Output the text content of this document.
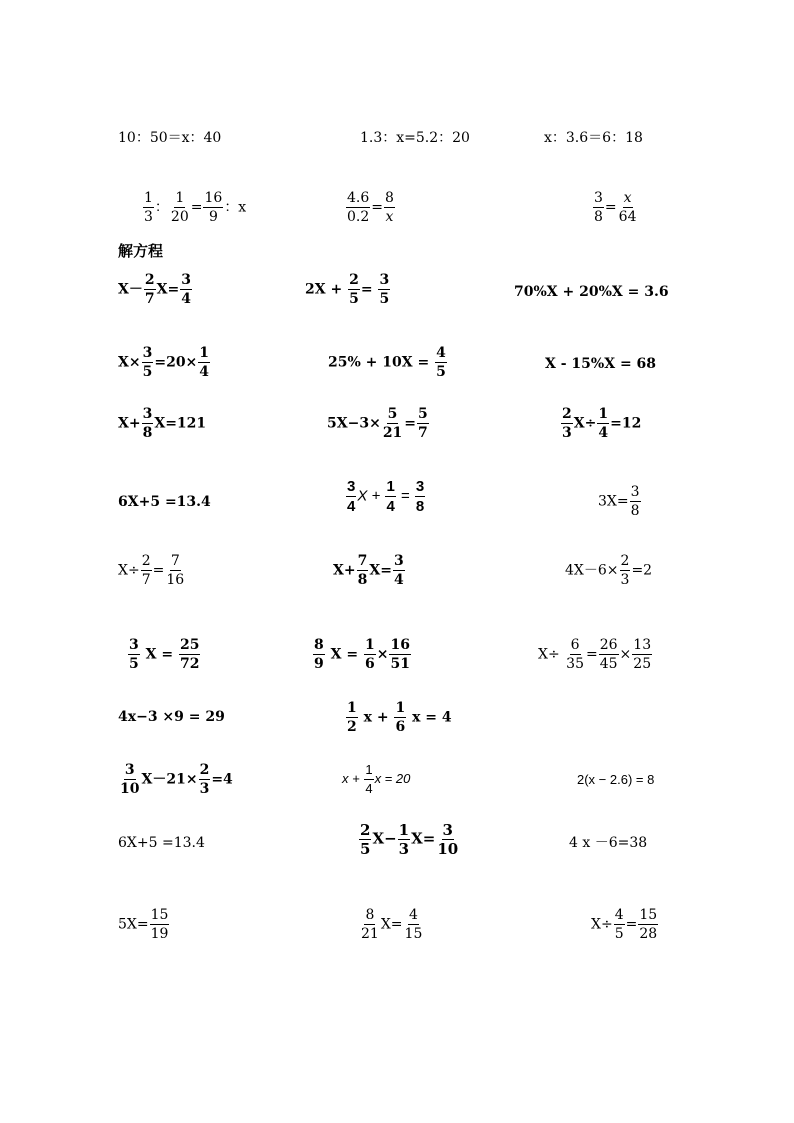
10：50＝x：40	1.3：x=5.2：20	x：3.6＝6：18
$\frac{1}{3}$ ： $\frac{1}{20} = \frac{16}{9}$ ：x	$\frac{4.6}{0.2} = \frac{8}{x}$	$\frac{3}{8} = \frac{x}{64}$
解方程
$X- \frac{2}{7} X= \frac{3}{4}$	$2X + \frac{2}{5} = \frac{3}{5}$	70%X + 20%X = 3.6
$X\times \frac{3}{5} =20\times \frac{1}{4}$	$25\% + 10X = \frac{4}{5}$	X - 15%X = 68
$X+ \frac{3}{8} X=121$	$5X-3\times \frac{5}{21} = \frac{5}{7}$	$\frac{2}{3} X\div \frac{1}{4} =12$
6X+5 =13.4	$\frac{3}{4}$ $X + \frac{1}{4} = \frac{3}{8}$	$3X= \frac{3}{8}$
$X\div \frac{2}{7} = \frac{7}{16}$	$X+ \frac{7}{8} X= \frac{3}{4}$	$4X-6\times \frac{2}{3} =2$
$\frac{3}{5}$ $X = \frac{25}{72}$	$\frac{8}{9}$ $X = \frac{1}{6} \times \frac{16}{51}$	$X\div \frac{6}{35} = \frac{26}{45} \times \frac{13}{25}$
4x−3 ×9 = 29	$\frac{1}{2}$ $x + \frac{1}{6}$ x = 4
$\frac{3}{10} X-21\times \frac{2}{3} =4$	$x + \frac{1}{4}$ x = 20	2(x − 2.6) = 8
6X+5 =13.4	$\frac{2}{5} X- \frac{1}{3} X= \frac{3}{10}$	4 x －6=38
$5X= \frac{15}{19}$	$\frac{8}{21} X= \frac{4}{15}$	$X\div \frac{4}{5} = \frac{15}{28}$
